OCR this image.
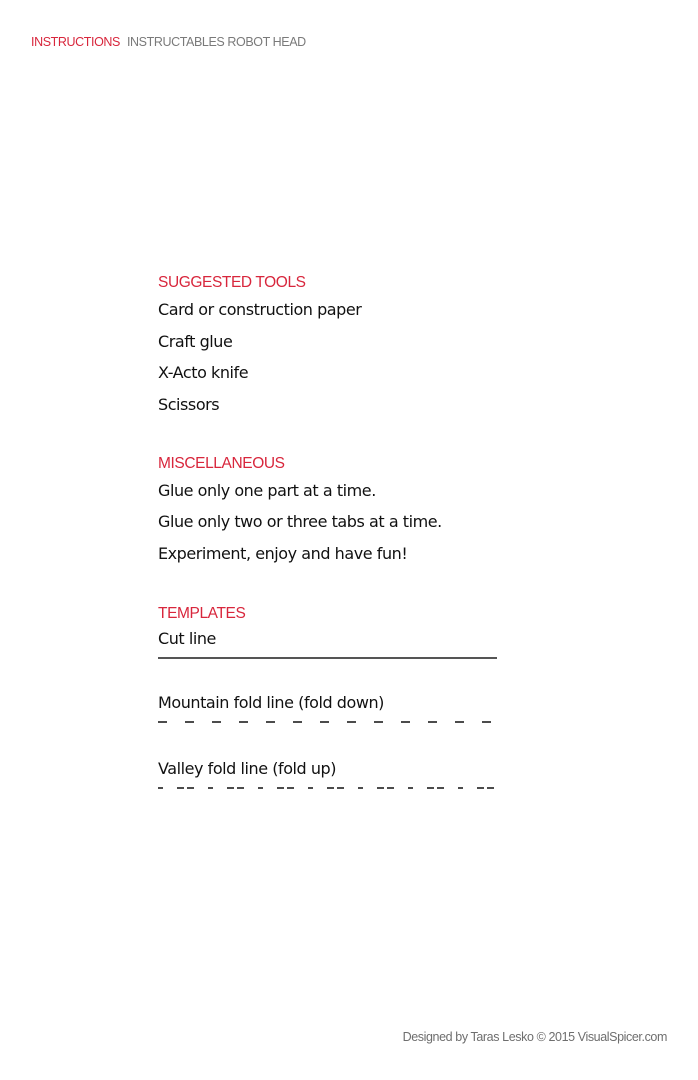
INSTRUCTIONS INSTRUCTABLES ROBOT HEAD
SUGGESTED TOOLS
Card or construction paper
Craft glue
X-Acto knife
Scissors
MISCELLANEOUS
Glue only one part at a time.
Glue only two or three tabs at a time.
Experiment, enjoy and have fun!
TEMPLATES
Cut line
Mountain fold line (fold down)
Valley fold line (fold up)
Designed by Taras Lesko © 2015 VisualSpicer.com
